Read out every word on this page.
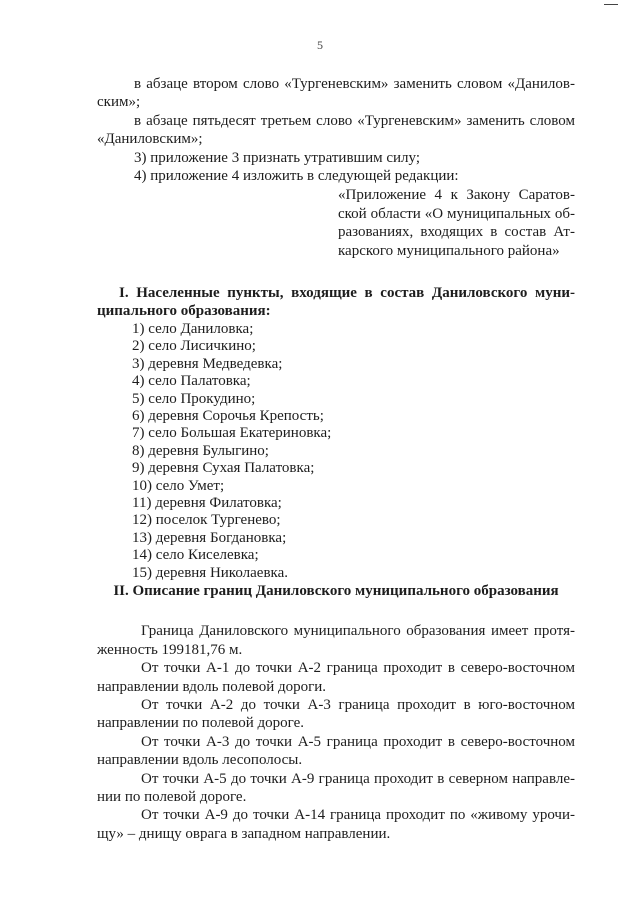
5

в абзаце втором слово «Тургеневским» заменить словом «Данилов-

ским»;

в абзаце пятьдесят третьем слово «Тургеневским» заменить словом

«Даниловским»;

3) приложение 3 признать утратившим силу;

4) приложение 4 изложить в следующей редакции:

«Приложение 4 к Закону Саратов-

ской области «О муниципальных об-

разованиях, входящих в состав Ат-

карского муниципального района»

I. Населенные пункты, входящие в состав Даниловского муни-

ципального образования:

1) село Даниловка;
2) село Лисичкино;
3) деревня Медведевка;
4) село Палатовка;
5) село Прокудино;
6) деревня Сорочья Крепость;
7) село Большая Екатериновка;
8) деревня Булыгино;
9) деревня Сухая Палатовка;
10) село Умет;
11) деревня Филатовка;
12) поселок Тургенево;
13) деревня Богдановка;
14) село Киселевка;
15) деревня Николаевка.

II. Описание границ Даниловского муниципального образования

Граница Даниловского муниципального образования имеет протя-

женность 199181,76 м.

От точки А-1 до точки А-2 граница проходит в северо-восточном

направлении вдоль полевой дороги.

От точки А-2 до точки А-3 граница проходит в юго-восточном

направлении по полевой дороге.

От точки А-3 до точки А-5 граница проходит в северо-восточном

направлении вдоль лесополосы.

От точки А-5 до точки А-9 граница проходит в северном направле-

нии по полевой дороге.

От точки А-9 до точки А-14 граница проходит по «живому урочи-

щу» – днищу оврага в западном направлении.
